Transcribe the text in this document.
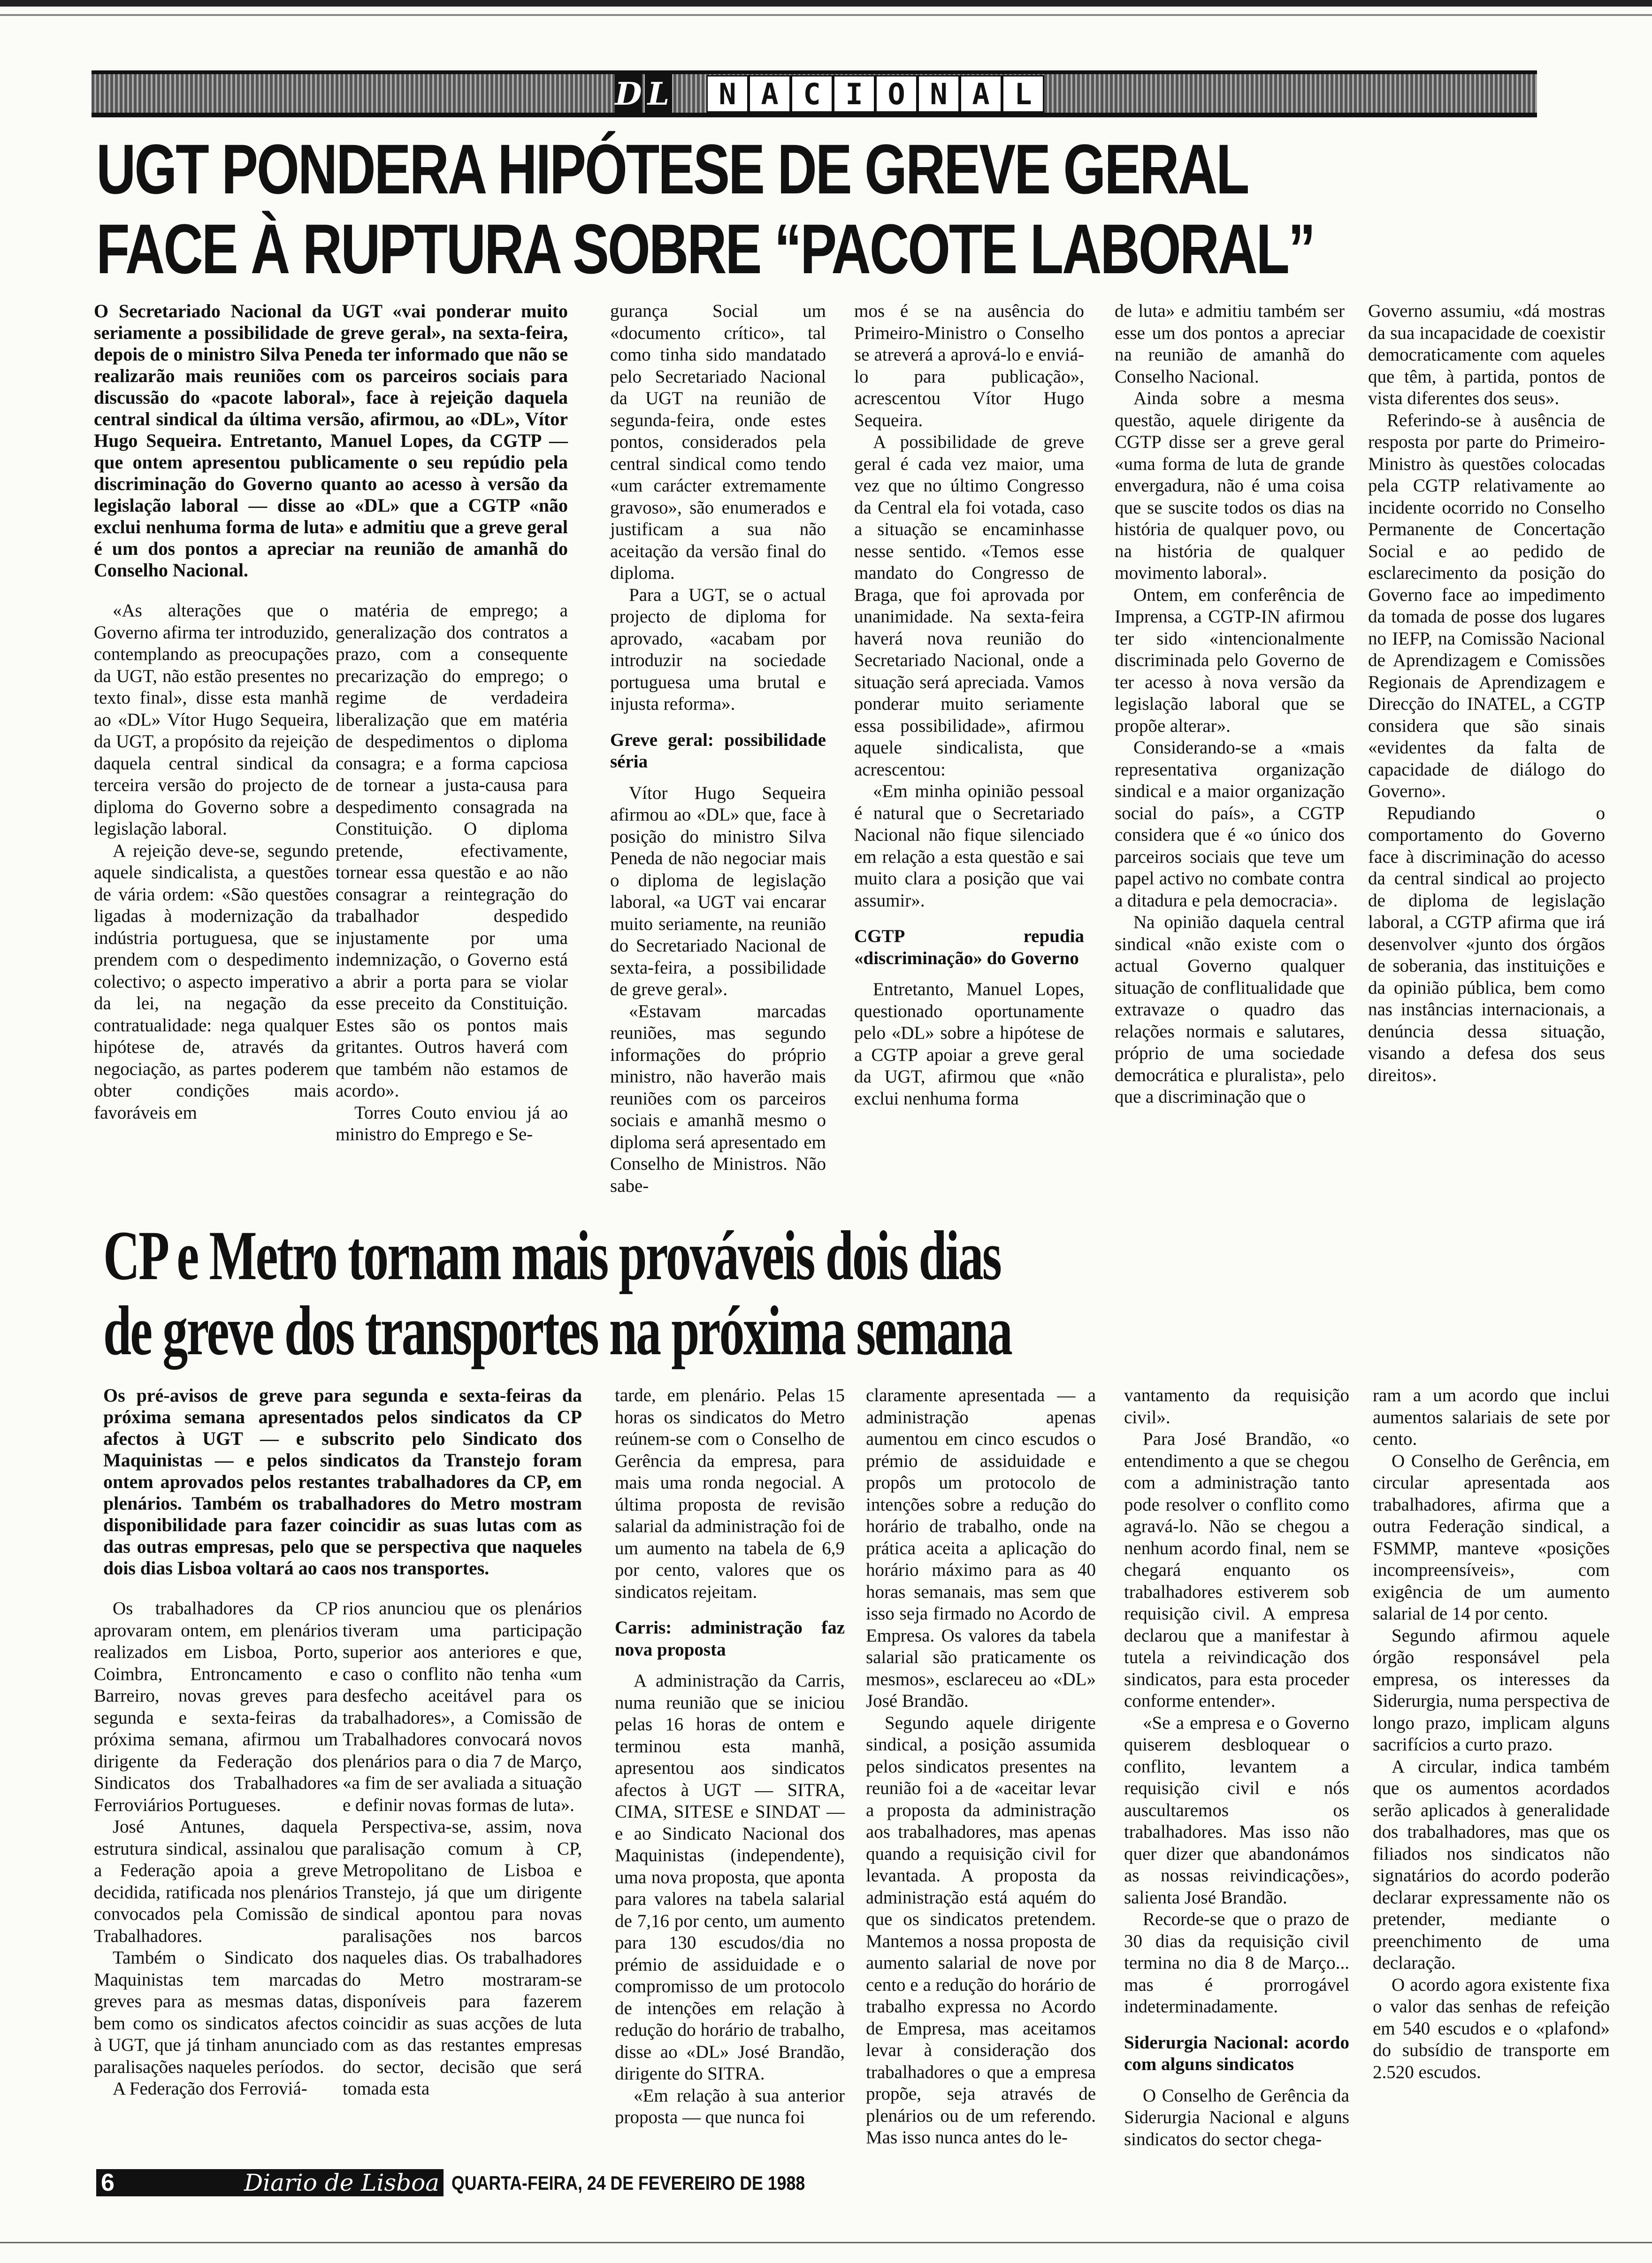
D L	N A C I O N A L
UGT PONDERA HIPÓTESE DE GREVE GERAL
FACE À RUPTURA SOBRE “PACOTE LABORAL”
O Secretariado Nacional da UGT «vai ponderar muito seriamente a possibilidade de greve geral», na sexta-feira, depois de o ministro Silva Peneda ter informado que não se realizarão mais reuniões com os parceiros sociais para discussão do «pacote laboral», face à rejeição daquela central sindical da última versão, afirmou, ao «DL», Vítor Hugo Sequeira. Entretanto, Manuel Lopes, da CGTP — que ontem apresentou publicamente o seu repúdio pela discriminação do Governo quanto ao acesso à versão da legislação laboral — disse ao «DL» que a CGTP «não exclui nenhuma forma de luta» e admitiu que a greve geral é um dos pontos a apreciar na reunião de amanhã do Conselho Nacional.
CP e Metro tornam mais prováveis dois dias
de greve dos transportes na próxima semana
Os pré-avisos de greve para segunda e sexta-feiras da próxima semana apresentados pelos sindicatos da CP afectos à UGT — e subscrito pelo Sindicato dos Maquinistas — e pelos sindicatos da Transtejo foram ontem aprovados pelos restantes trabalhadores da CP, em plenários. Também os trabalhadores do Metro mostram disponibilidade para fazer coincidir as suas lutas com as das outras empresas, pelo que se perspectiva que naqueles dois dias Lisboa voltará ao caos nos transportes.

«As alterações que o Governo afirma ter introduzido, contemplando as preocupações da UGT, não estão presentes no texto final», disse esta manhã ao «DL» Vítor Hugo Sequeira, da UGT, a propósito da rejeição daquela central sindical da terceira versão do projecto de diploma do Governo sobre a legislação laboral.

A rejeição deve-se, segundo aquele sindicalista, a questões de vária ordem: «São questões ligadas à modernização da indústria portuguesa, que se prendem com o despedimento colectivo; o aspecto imperativo da lei, na negação da contratualidade: nega qualquer hipótese de, através da negociação, as partes poderem obter condições mais favoráveis em

matéria de emprego; a generalização dos contratos a prazo, com a consequente precarização do emprego; o regime de verdadeira liberalização que em matéria de despedimentos o diploma consagra; e a forma capciosa de tornear a justa-causa para despedimento consagrada na Constituição. O diploma pretende, efectivamente, tornear essa questão e ao não consagrar a reintegração do trabalhador despedido injustamente por uma indemnização, o Governo está a abrir a porta para se violar esse preceito da Constituição. Estes são os pontos mais gritantes. Outros haverá com que também não estamos de acordo».

Torres Couto enviou já ao ministro do Emprego e Se-

gurança Social um «documento crítico», tal como tinha sido mandatado pelo Secretariado Nacional da UGT na reunião de segunda-feira, onde estes pontos, considerados pela central sindical como tendo «um carácter extremamente gravoso», são enumerados e justificam a sua não aceitação da versão final do diploma.

Para a UGT, se o actual projecto de diploma for aprovado, «acabam por introduzir na sociedade portuguesa uma brutal e injusta reforma».

Greve geral: possibilidade séria

Vítor Hugo Sequeira afirmou ao «DL» que, face à posição do ministro Silva Peneda de não negociar mais o diploma de legislação laboral, «a UGT vai encarar muito seriamente, na reunião do Secretariado Nacional de sexta-feira, a possibilidade de greve geral».

«Estavam marcadas reuniões, mas segundo informações do próprio ministro, não haverão mais reuniões com os parceiros sociais e amanhã mesmo o diploma será apresentado em Conselho de Ministros. Não sabe-

mos é se na ausência do Primeiro-Ministro o Conselho se atreverá a aprová-lo e enviá-lo para publicação», acrescentou Vítor Hugo Sequeira.

A possibilidade de greve geral é cada vez maior, uma vez que no último Congresso da Central ela foi votada, caso a situação se encaminhasse nesse sentido. «Temos esse mandato do Congresso de Braga, que foi aprovada por unanimidade. Na sexta-feira haverá nova reunião do Secretariado Nacional, onde a situação será apreciada. Vamos ponderar muito seriamente essa possibilidade», afirmou aquele sindicalista, que acrescentou:

«Em minha opinião pessoal é natural que o Secretariado Nacional não fique silenciado em relação a esta questão e sai muito clara a posição que vai assumir».

CGTP repudia «discriminação» do Governo

Entretanto, Manuel Lopes, questionado oportunamente pelo «DL» sobre a hipótese de a CGTP apoiar a greve geral da UGT, afirmou que «não exclui nenhuma forma

de luta» e admitiu também ser esse um dos pontos a apreciar na reunião de amanhã do Conselho Nacional.

Ainda sobre a mesma questão, aquele dirigente da CGTP disse ser a greve geral «uma forma de luta de grande envergadura, não é uma coisa que se suscite todos os dias na história de qualquer povo, ou na história de qualquer movimento laboral».

Ontem, em conferência de Imprensa, a CGTP-IN afirmou ter sido «intencionalmente discriminada pelo Governo de ter acesso à nova versão da legislação laboral que se propõe alterar».

Considerando-se a «mais representativa organização sindical e a maior organização social do país», a CGTP considera que é «o único dos parceiros sociais que teve um papel activo no combate contra a ditadura e pela democracia».

Na opinião daquela central sindical «não existe com o actual Governo qualquer situação de conflitualidade que extravaze o quadro das relações normais e salutares, próprio de uma sociedade democrática e pluralista», pelo que a discriminação que o

Governo assumiu, «dá mostras da sua incapacidade de coexistir democraticamente com aqueles que têm, à partida, pontos de vista diferentes dos seus».

Referindo-se à ausência de resposta por parte do Primeiro-Ministro às questões colocadas pela CGTP relativamente ao incidente ocorrido no Conselho Permanente de Concertação Social e ao pedido de esclarecimento da posição do Governo face ao impedimento da tomada de posse dos lugares no IEFP, na Comissão Nacional de Aprendizagem e Comissões Regionais de Aprendizagem e Direcção do INATEL, a CGTP considera que são sinais «evidentes da falta de capacidade de diálogo do Governo».

Repudiando o comportamento do Governo face à discriminação do acesso da central sindical ao projecto de diploma de legislação laboral, a CGTP afirma que irá desenvolver «junto dos órgãos de soberania, das instituições e da opinião pública, bem como nas instâncias internacionais, a denúncia dessa situação, visando a defesa dos seus direitos».

Os trabalhadores da CP aprovaram ontem, em plenários realizados em Lisboa, Porto, Coimbra, Entroncamento e Barreiro, novas greves para segunda e sexta-feiras da próxima semana, afirmou um dirigente da Federação dos Sindicatos dos Trabalhadores Ferroviários Portugueses.

José Antunes, daquela estrutura sindical, assinalou que a Federação apoia a greve decidida, ratificada nos plenários convocados pela Comissão de Trabalhadores.

Também o Sindicato dos Maquinistas tem marcadas greves para as mesmas datas, bem como os sindicatos afectos à UGT, que já tinham anunciado paralisações naqueles períodos.

A Federação dos Ferroviá-

rios anunciou que os plenários tiveram uma participação superior aos anteriores e que, caso o conflito não tenha «um desfecho aceitável para os trabalhadores», a Comissão de Trabalhadores convocará novos plenários para o dia 7 de Março, «a fim de ser avaliada a situação e definir novas formas de luta».

Perspectiva-se, assim, nova paralisação comum à CP, Metropolitano de Lisboa e Transtejo, já que um dirigente sindical apontou para novas paralisações nos barcos naqueles dias. Os trabalhadores do Metro mostraram-se disponíveis para fazerem coincidir as suas acções de luta com as das restantes empresas do sector, decisão que será tomada esta

tarde, em plenário. Pelas 15 horas os sindicatos do Metro reúnem-se com o Conselho de Gerência da empresa, para mais uma ronda negocial. A última proposta de revisão salarial da administração foi de um aumento na tabela de 6,9 por cento, valores que os sindicatos rejeitam.

Carris: administração faz nova proposta

A administração da Carris, numa reunião que se iniciou pelas 16 horas de ontem e terminou esta manhã, apresentou aos sindicatos afectos à UGT — SITRA, CIMA, SITESE e SINDAT — e ao Sindicato Nacional dos Maquinistas (independente), uma nova proposta, que aponta para valores na tabela salarial de 7,16 por cento, um aumento para 130 escudos/dia no prémio de assiduidade e o compromisso de um protocolo de intenções em relação à redução do horário de trabalho, disse ao «DL» José Brandão, dirigente do SITRA.

«Em relação à sua anterior proposta — que nunca foi

claramente apresentada — a administração apenas aumentou em cinco escudos o prémio de assiduidade e propôs um protocolo de intenções sobre a redução do horário de trabalho, onde na prática aceita a aplicação do horário máximo para as 40 horas semanais, mas sem que isso seja firmado no Acordo de Empresa. Os valores da tabela salarial são praticamente os mesmos», esclareceu ao «DL» José Brandão.

Segundo aquele dirigente sindical, a posição assumida pelos sindicatos presentes na reunião foi a de «aceitar levar a proposta da administração aos trabalhadores, mas apenas quando a requisição civil for levantada. A proposta da administração está aquém do que os sindicatos pretendem. Mantemos a nossa proposta de aumento salarial de nove por cento e a redução do horário de trabalho expressa no Acordo de Empresa, mas aceitamos levar à consideração dos trabalhadores o que a empresa propõe, seja através de plenários ou de um referendo. Mas isso nunca antes do le-

vantamento da requisição civil».

Para José Brandão, «o entendimento a que se chegou com a administração tanto pode resolver o conflito como agravá-lo. Não se chegou a nenhum acordo final, nem se chegará enquanto os trabalhadores estiverem sob requisição civil. A empresa declarou que a manifestar à tutela a reivindicação dos sindicatos, para esta proceder conforme entender».

«Se a empresa e o Governo quiserem desbloquear o conflito, levantem a requisição civil e nós auscultaremos os trabalhadores. Mas isso não quer dizer que abandonámos as nossas reivindicações», salienta José Brandão.

Recorde-se que o prazo de 30 dias da requisição civil termina no dia 8 de Março... mas é prorrogável indeterminadamente.

Siderurgia Nacional: acordo com alguns sindicatos

O Conselho de Gerência da Siderurgia Nacional e alguns sindicatos do sector chega-

ram a um acordo que inclui aumentos salariais de sete por cento.

O Conselho de Gerência, em circular apresentada aos trabalhadores, afirma que a outra Federação sindical, a FSMMP, manteve «posições incompreensíveis», com exigência de um aumento salarial de 14 por cento.

Segundo afirmou aquele órgão responsável pela empresa, os interesses da Siderurgia, numa perspectiva de longo prazo, implicam alguns sacrifícios a curto prazo.

A circular, indica também que os aumentos acordados serão aplicados à generalidade dos trabalhadores, mas que os filiados nos sindicatos não signatários do acordo poderão declarar expressamente não os pretender, mediante o preenchimento de uma declaração.

O acordo agora existente fixa o valor das senhas de refeição em 540 escudos e o «plafond» do subsídio de transporte em 2.520 escudos.

6	Diario de Lisboa QUARTA-FEIRA, 24 DE FEVEREIRO DE 1988
